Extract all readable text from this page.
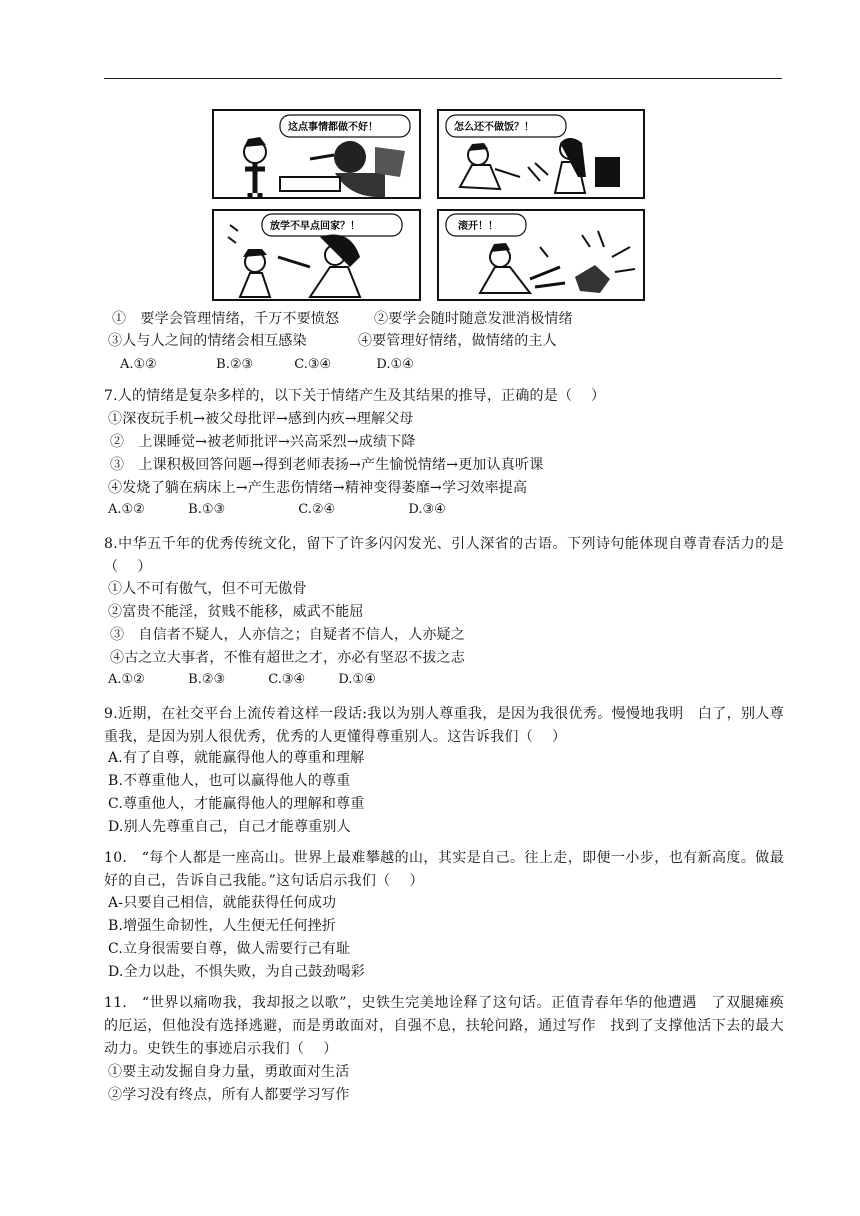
这点事情都做不好！	怎么还不做饭？！
放学不早点回家？！	滚开！！
①　要学会管理情绪，千万不要愤怒 ②要学会随时随意发泄消极情绪
③人与人之间的情绪会相互感染	④要管理好情绪，做情绪的主人
A.①②	B.②③	C.③④	D.①④
7.人的情绪是复杂多样的，以下关于情绪产生及其结果的推导，正确的是（　 ）
①深夜玩手机→被父母批评→感到内疚→理解父母
②　上课睡觉→被老师批评→兴高采烈→成绩下降
③　上课积极回答问题→得到老师表扬→产生愉悦情绪→更加认真听课
④发烧了躺在病床上→产生悲伤情绪→精神变得萎靡→学习效率提高
A.①②	B.①③	C.②④	D.③④
8.中华五千年的优秀传统文化，留下了许多闪闪发光、引人深省的古语。下列诗句能体现自尊青春活力的是（　 ）
①人不可有傲气，但不可无傲骨
②富贵不能淫，贫贱不能移，威武不能屈
③　自信者不疑人，人亦信之；自疑者不信人，人亦疑之
④古之立大事者，不惟有超世之才，亦必有坚忍不拔之志
A.①②	B.②③	C.③④	D.①④
9.近期，在社交平台上流传着这样一段话:我以为别人尊重我，是因为我很优秀。慢慢地我明　白了，别人尊重我，是因为别人很优秀，优秀的人更懂得尊重别人。这告诉我们（　 ）
A.有了自尊，就能赢得他人的尊重和理解
B.不尊重他人，也可以赢得他人的尊重
C.尊重他人，才能赢得他人的理解和尊重
D.别人先尊重自己，自己才能尊重别人
10.　“每个人都是一座高山。世界上最难攀越的山，其实是自己。往上走，即便一小步，也有新高度。做最好的自己，告诉自己我能。”这句话启示我们（　 ）
A-只要自己相信，就能获得任何成功
B.增强生命韧性，人生便无任何挫折
C.立身很需要自尊，做人需要行己有耻
D.全力以赴，不惧失败，为自己鼓劲喝彩
11.　“世界以痛吻我，我却报之以歌”，史铁生完美地诠释了这句话。正值青春年华的他遭遇　了双腿瘫痪的厄运，但他没有选择逃避，而是勇敢面对，自强不息，扶轮问路，通过写作　找到了支撑他活下去的最大动力。史铁生的事迹启示我们（　 ）
①要主动发掘自身力量，勇敢面对生活
②学习没有终点，所有人都要学习写作
